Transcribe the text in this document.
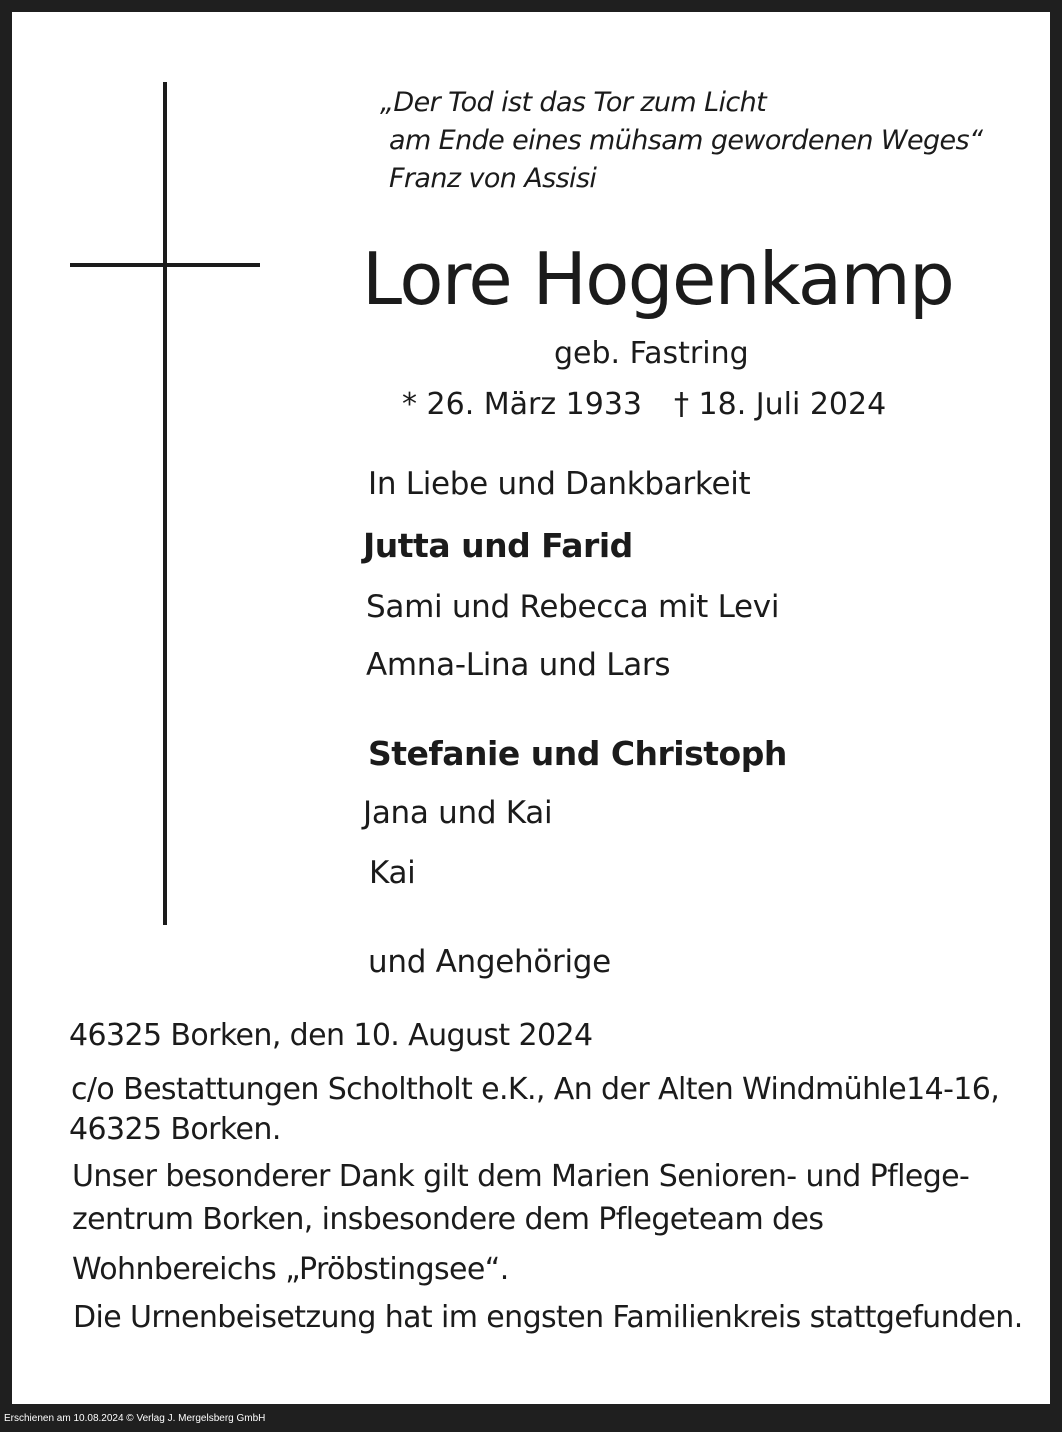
„Der Tod ist das Tor zum Licht
am Ende eines mühsam gewordenen Weges“
Franz von Assisi
Lore Hogenkamp
geb. Fastring
* 26. März 1933 † 18. Juli 2024
In Liebe und Dankbarkeit
Jutta und Farid
Sami und Rebecca mit Levi
Amna-Lina und Lars
Stefanie und Christoph
Jana und Kai
Kai
und Angehörige
46325 Borken, den 10. August 2024
c/o Bestattungen Scholtholt e.K., An der Alten Windmühle14-16,
46325 Borken.
Unser besonderer Dank gilt dem Marien Senioren- und Pflege-
zentrum Borken, insbesondere dem Pflegeteam des
Wohnbereichs „Pröbstingsee“.
Die Urnenbeisetzung hat im engsten Familienkreis stattgefunden.
Erschienen am 10.08.2024 © Verlag J. Mergelsberg GmbH
